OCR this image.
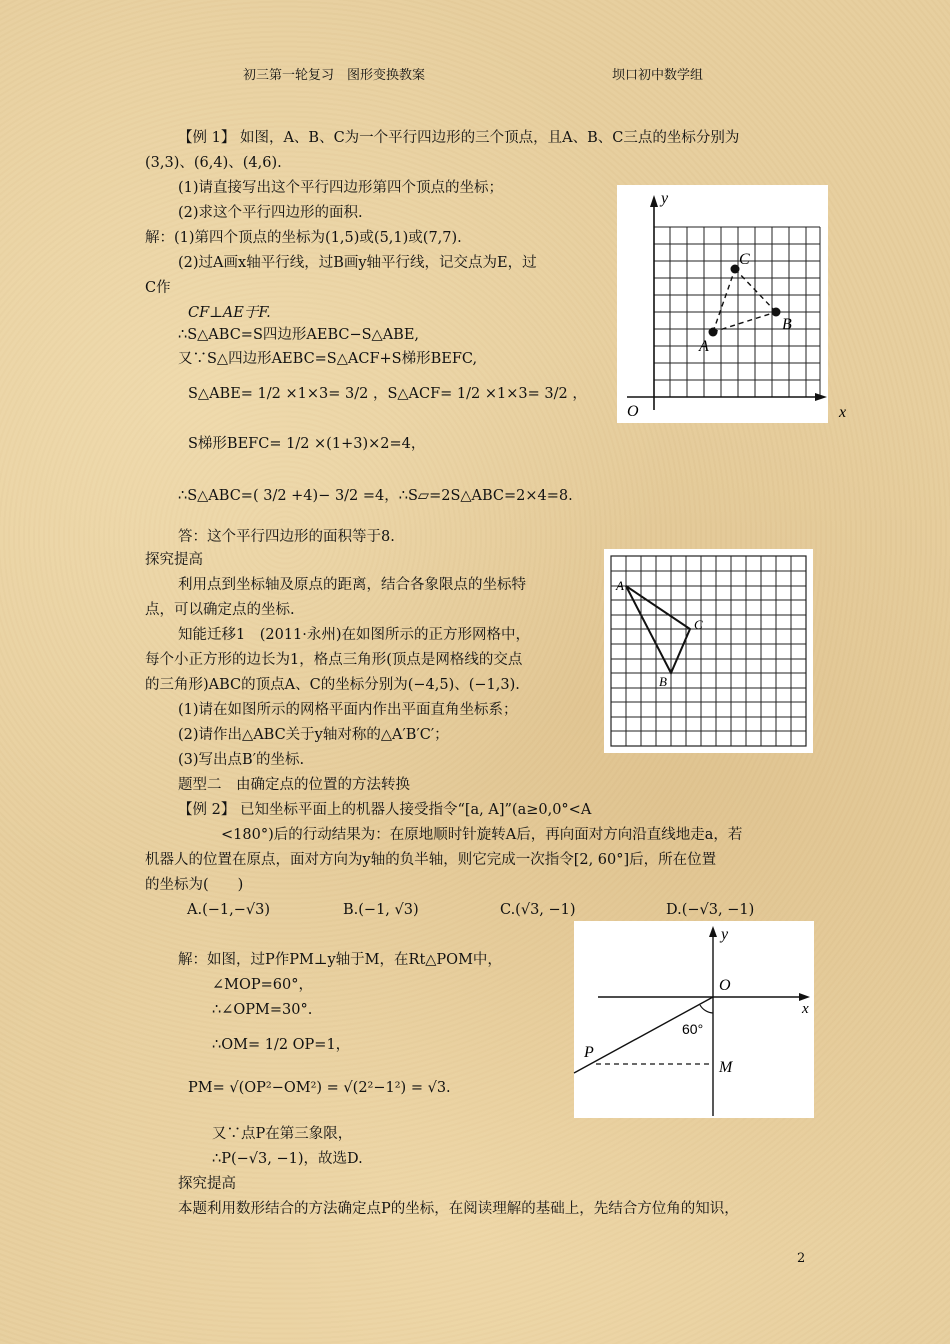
初三第一轮复习　图形变换教案	坝口初中数学组
【例 1】 如图，A、B、C为一个平行四边形的三个顶点，且A、B、C三点的坐标分别为
(3,3)、(6,4)、(4,6).
(1)请直接写出这个平行四边形第四个顶点的坐标；
(2)求这个平行四边形的面积.
解：(1)第四个顶点的坐标为(1,5)或(5,1)或(7,7).
(2)过A画x轴平行线，过B画y轴平行线，记交点为E，过
C作
CF⊥AE于F.
∴S△ABC=S四边形AEBC−S△ABE,
又∵S△四边形AEBC=S△ACF+S梯形BEFC,
S△ABE= 1/2 ×1×3= 3/2 ，S△ACF= 1/2 ×1×3= 3/2 ，
S梯形BEFC= 1/2 ×(1+3)×2=4，
∴S△ABC=( 3/2 +4)− 3/2 =4，∴S▱=2S△ABC=2×4=8.
答：这个平行四边形的面积等于8.
y
x
O
A
B
C
探究提高
利用点到坐标轴及原点的距离，结合各象限点的坐标特
点，可以确定点的坐标.
知能迁移1　(2011·永州)在如图所示的正方形网格中，
每个小正方形的边长为1，格点三角形(顶点是网格线的交点
的三角形)ABC的顶点A、C的坐标分别为(−4,5)、(−1,3).
(1)请在如图所示的网格平面内作出平面直角坐标系；
(2)请作出△ABC关于y轴对称的△A′B′C′；
(3)写出点B′的坐标.
A
B
C
题型二　由确定点的位置的方法转换
【例 2】 已知坐标平面上的机器人接受指令“[a, A]”(a≥0,0°<A
<180°)后的行动结果为：在原地顺时针旋转A后，再向面对方向沿直线地走a，若
机器人的位置在原点，面对方向为y轴的负半轴，则它完成一次指令[2, 60°]后，所在位置
的坐标为(　　)
A.(−1,−√3)	B.(−1, √3)	C.(√3, −1)	D.(−√3, −1)
解：如图，过P作PM⊥y轴于M，在Rt△POM中，
∠MOP=60°，
∴∠OPM=30°.
∴OM= 1/2 OP=1，
PM= √(OP²−OM²) = √(2²−1²) = √3.
又∵点P在第三象限，
∴P(−√3, −1)，故选D.
y
x
O
P
M
60°
探究提高
本题利用数形结合的方法确定点P的坐标，在阅读理解的基础上，先结合方位角的知识，
2
